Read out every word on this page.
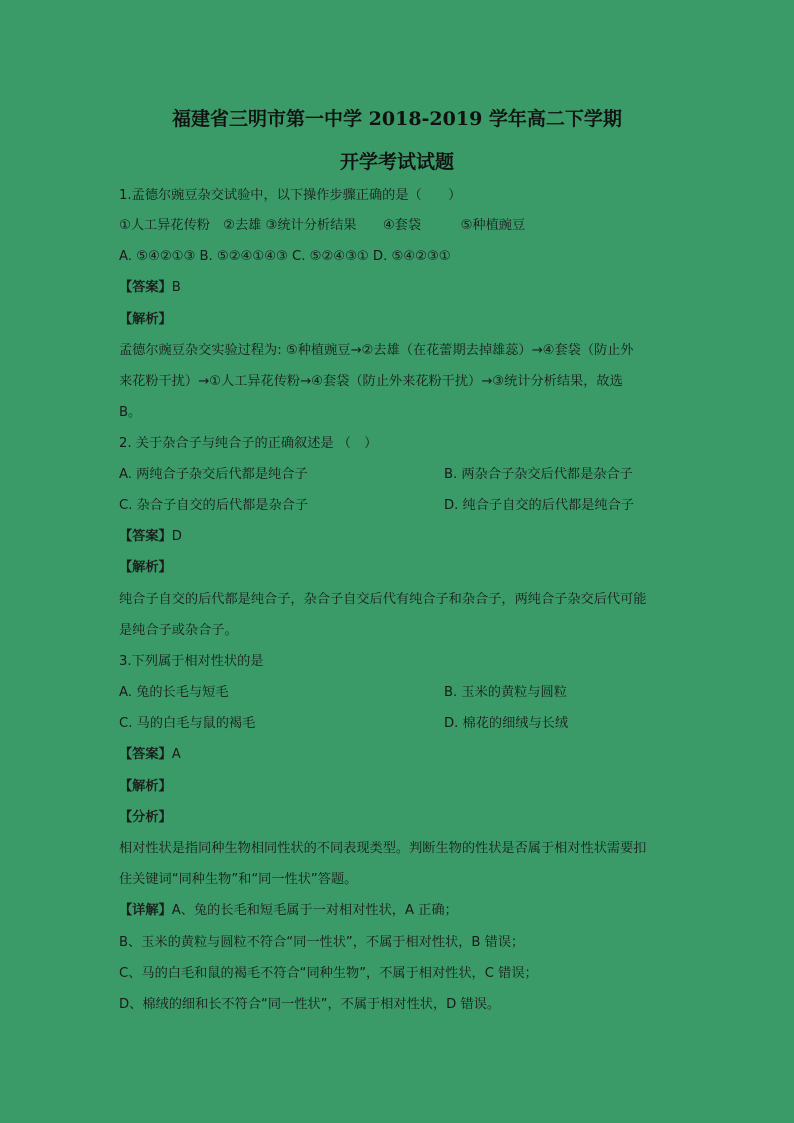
福建省三明市第一中学 2018-2019 学年高二下学期
开学考试试题
1.孟德尔豌豆杂交试验中，以下操作步骤正确的是（　　）
①人工异花传粉　②去雄 ③统计分析结果　　④套袋　　　⑤种植豌豆
A. ⑤④②①③ B. ⑤②④①④③ C. ⑤②④③① D. ⑤④②③①
【答案】B
【解析】
孟德尔豌豆杂交实验过程为: ⑤种植豌豆→②去雄（在花蕾期去掉雄蕊）→④套袋（防止外
来花粉干扰）→①人工异花传粉→④套袋（防止外来花粉干扰）→③统计分析结果，故选
B。
2. 关于杂合子与纯合子的正确叙述是 （　）
A. 两纯合子杂交后代都是纯合子	B. 两杂合子杂交后代都是杂合子
C. 杂合子自交的后代都是杂合子	D. 纯合子自交的后代都是纯合子
【答案】D
【解析】
纯合子自交的后代都是纯合子，杂合子自交后代有纯合子和杂合子，两纯合子杂交后代可能
是纯合子或杂合子。
3.下列属于相对性状的是
A. 兔的长毛与短毛	B. 玉米的黄粒与圆粒
C. 马的白毛与鼠的褐毛	D. 棉花的细绒与长绒
【答案】A
【解析】
【分析】
相对性状是指同种生物相同性状的不同表现类型。判断生物的性状是否属于相对性状需要扣
住关键词“同种生物”和“同一性状”答题。
【详解】A、兔的长毛和短毛属于一对相对性状，A 正确；
B、玉米的黄粒与圆粒不符合“同一性状”，不属于相对性状，B 错误；
C、马的白毛和鼠的褐毛不符合“同种生物”，不属于相对性状，C 错误；
D、棉绒的细和长不符合“同一性状”，不属于相对性状，D 错误。
